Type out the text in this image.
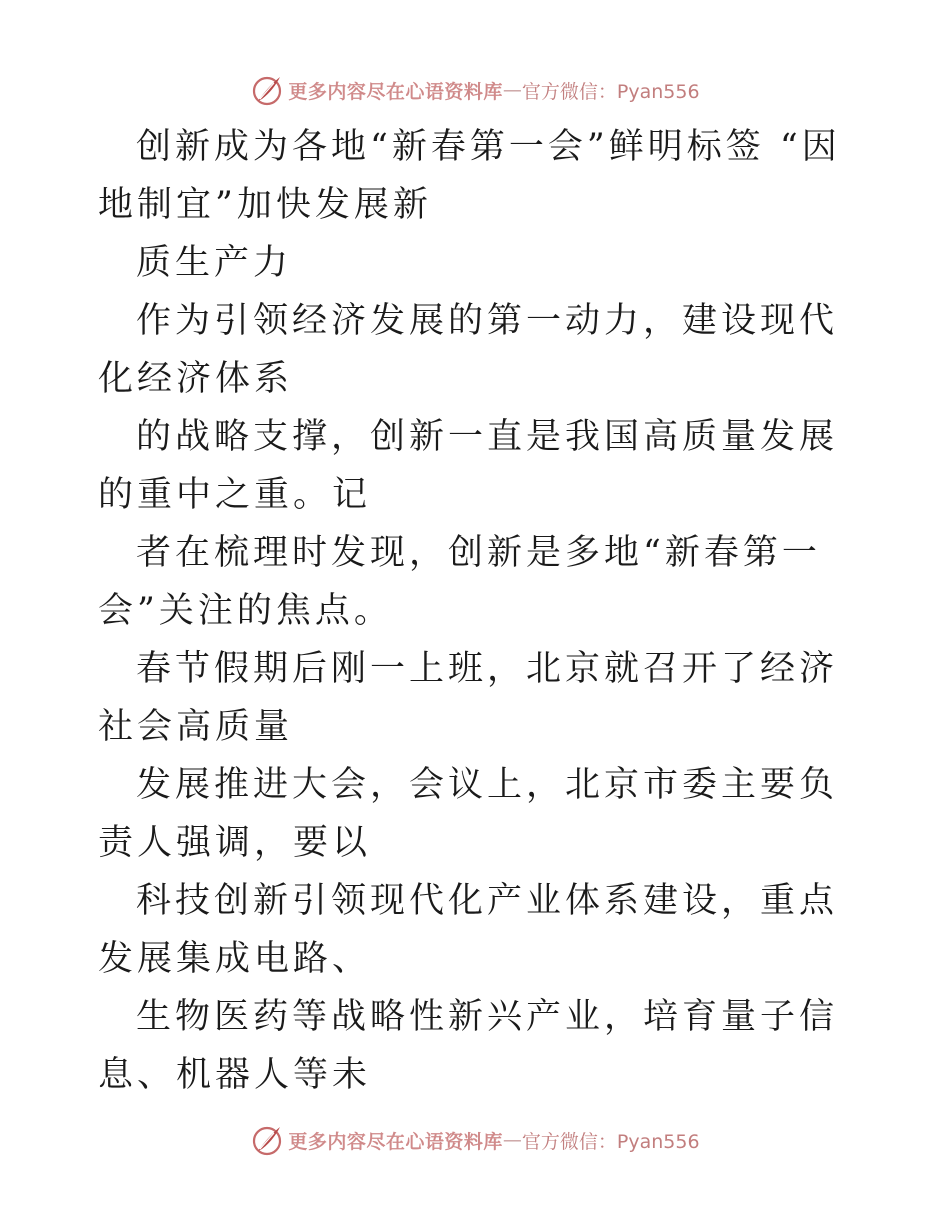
更多内容尽在心语资料库 — 官方微信：Pyan556

创新成为各地“新春第一会”鲜明标签 “因地制宜”加快发展新

质生产力

作为引领经济发展的第一动力，建设现代化经济体系

的战略支撑，创新一直是我国高质量发展的重中之重。记

者在梳理时发现，创新是多地“新春第一会”关注的焦点。

春节假期后刚一上班，北京就召开了经济社会高质量

发展推进大会，会议上，北京市委主要负责人强调，要以

科技创新引领现代化产业体系建设，重点发展集成电路、

生物医药等战略性新兴产业，培育量子信息、机器人等未

更多内容尽在心语资料库 — 官方微信：Pyan556
